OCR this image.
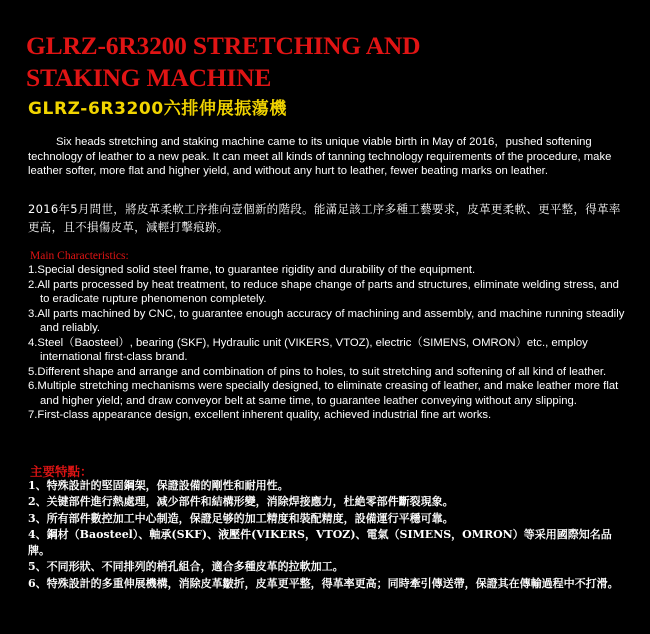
GLRZ-6R3200 STRETCHING AND
STAKING MACHINE
GLRZ-6R3200六排伸展振蕩機
Six heads stretching and staking machine came to its unique viable birth in May of 2016，pushed softening technology of leather to a new peak. It can meet all kinds of tanning technology requirements of the procedure, make leather softer, more flat and higher yield, and without any hurt to leather, fewer beating marks on leather.
2016年5月問世，將皮革柔軟工序推向壹個新的階段。能滿足該工序多種工藝要求，皮革更柔軟、更平整，得革率更高，且不損傷皮革，減輕打擊痕跡。
Main Characteristics:
1.Special designed solid steel frame, to guarantee rigidity and durability of the equipment.
2.All parts processed by heat treatment, to reduce shape change of parts and structures, eliminate welding stress, and to eradicate rupture phenomenon completely.
3.All parts machined by CNC, to guarantee enough accuracy of machining and assembly, and machine running steadily and reliably.
4.Steel（Baosteel）, bearing (SKF), Hydraulic unit (VIKERS, VTOZ), electric（SIMENS, OMRON）etc., employ international first-class brand.
5.Different shape and arrange and combination of pins to holes, to suit stretching and softening of all kind of leather.
6.Multiple stretching mechanisms were specially designed, to eliminate creasing of leather, and make leather more flat and higher yield; and draw conveyor belt at same time, to guarantee leather conveying without any slipping.
7.First-class appearance design, excellent inherent quality, achieved industrial fine art works.
主要特點：
1、特殊設計的堅固鋼架，保證設備的剛性和耐用性。
2、关键部件進行熱處理，减少部件和結構形變，消除焊接應力，杜絶零部件斷裂現象。
3、所有部件數控加工中心制造，保證足够的加工精度和裝配精度，設備運行平穩可靠。
4、鋼材（Baosteel）、軸承(SKF)、液壓件(VIKERS，VTOZ)、電氣（SIMENS，OMRON）等采用國際知名品牌。
5、不同形狀、不同排列的梢孔組合，適合多種皮革的拉軟加工。
6、特殊設計的多重伸展機構，消除皮革皺折，皮革更平整，得革率更高；同時牽引傳送帶，保證其在傳輸過程中不打滑。
